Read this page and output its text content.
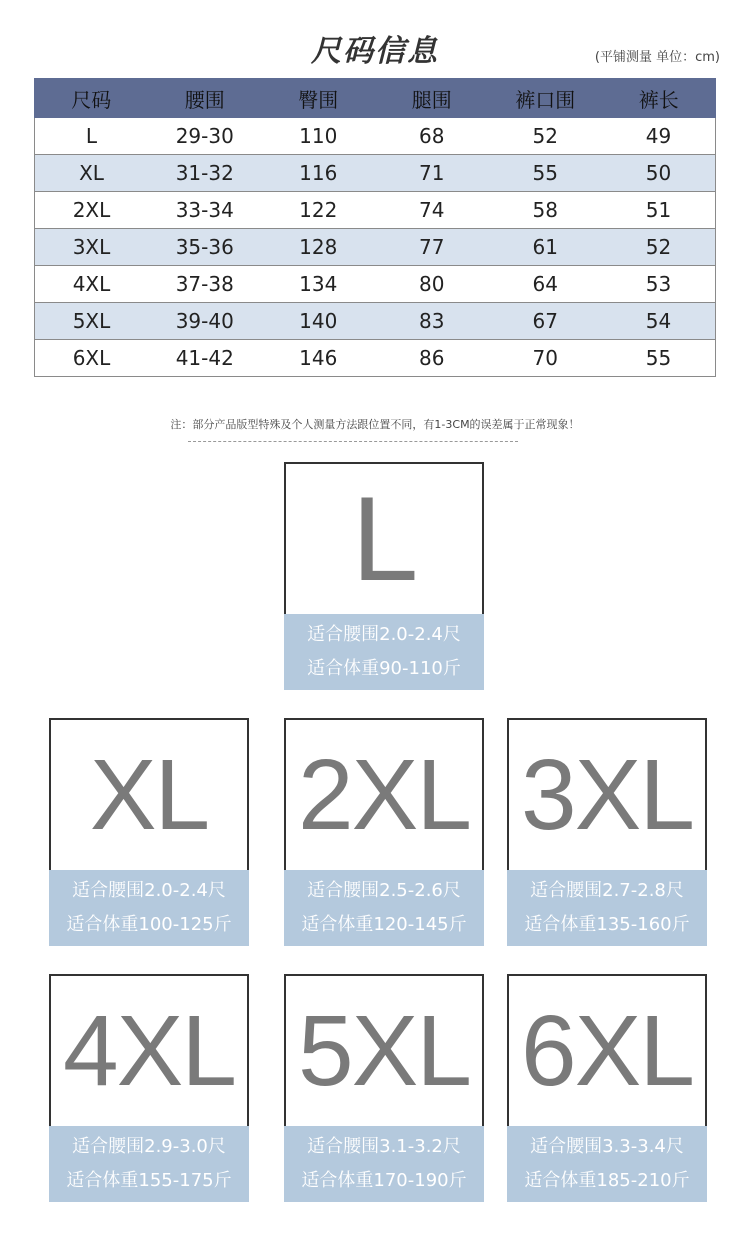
尺码信息	(平铺测量 单位：cm)
尺码	腰围	臀围	腿围	裤口围	裤长
L	29-30	110	68	52	49
XL	31-32	116	71	55	50
2XL	33-34	122	74	58	51
3XL	35-36	128	77	61	52
4XL	37-38	134	80	64	53
5XL	39-40	140	83	67	54
6XL	41-42	146	86	70	55
注：部分产品版型特殊及个人测量方法跟位置不同，有1-3CM的误差属于正常现象！
L
适合腰围2.0-2.4尺
适合体重90-110斤
XL
适合腰围2.0-2.4尺
适合体重100-125斤
2XL
适合腰围2.5-2.6尺
适合体重120-145斤
3XL
适合腰围2.7-2.8尺
适合体重135-160斤
4XL
适合腰围2.9-3.0尺
适合体重155-175斤
5XL
适合腰围3.1-3.2尺
适合体重170-190斤
6XL
适合腰围3.3-3.4尺
适合体重185-210斤
